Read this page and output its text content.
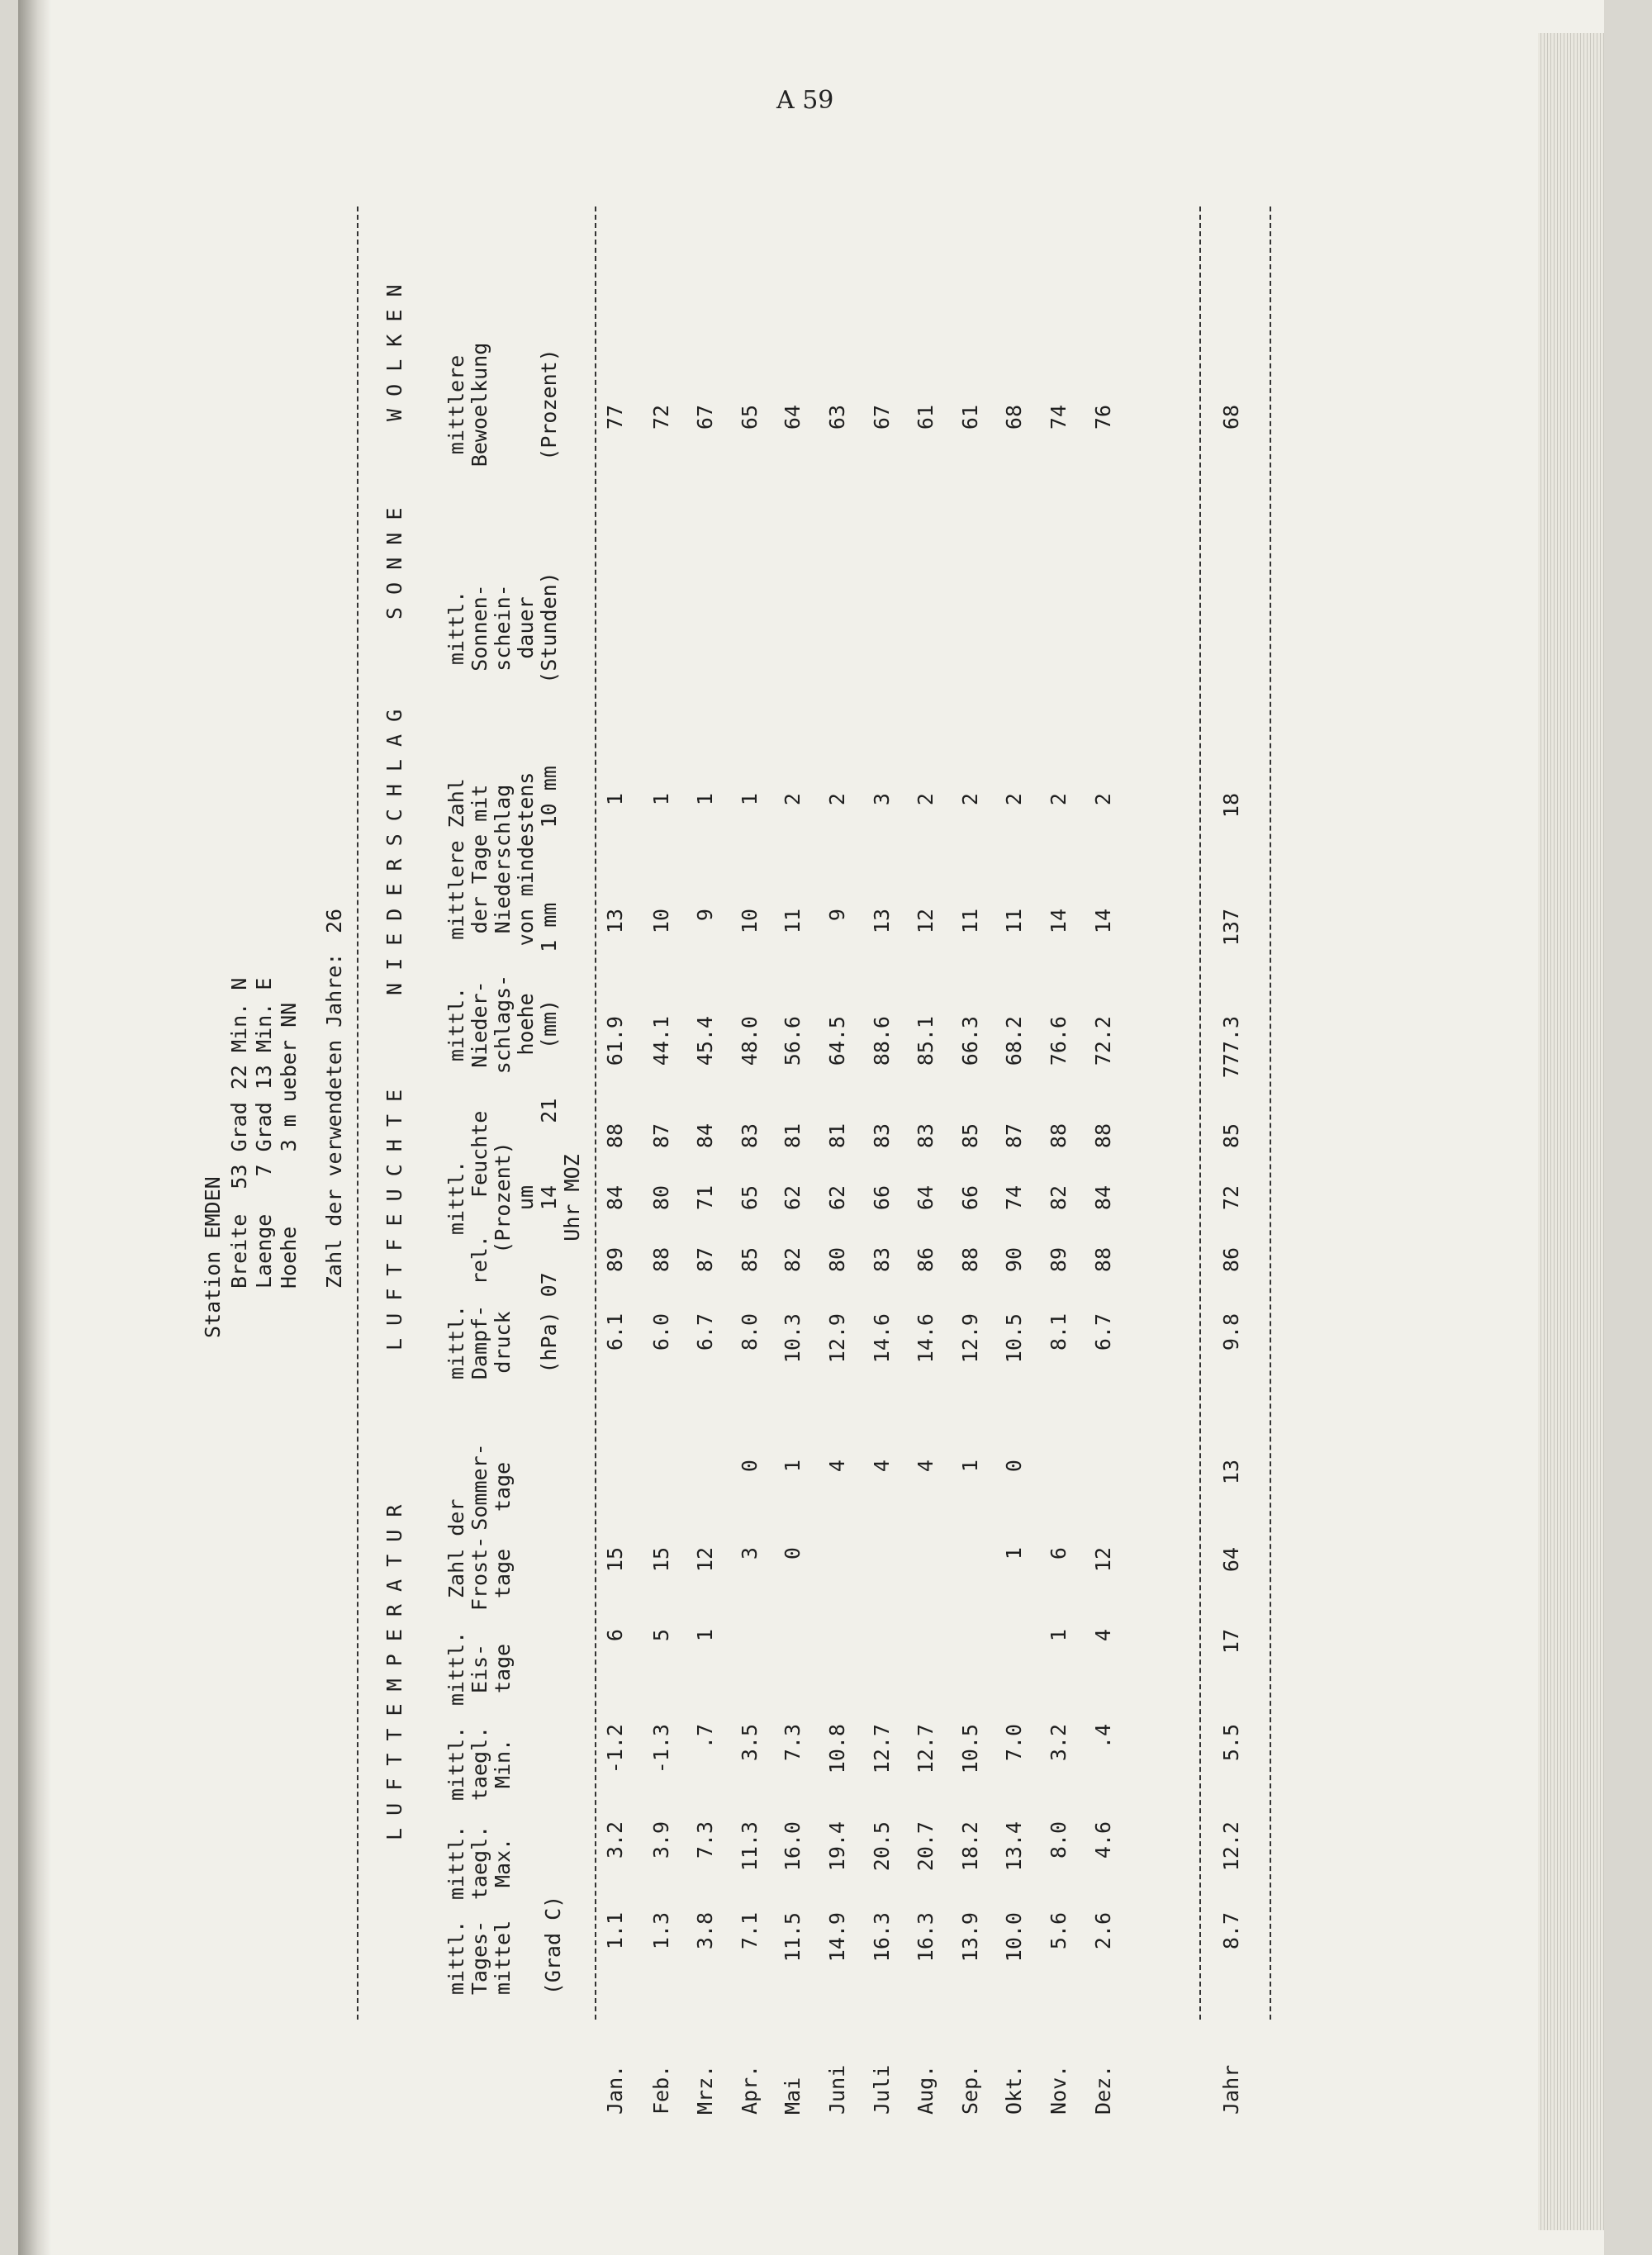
A 59
Station EMDEN Breite  53 Grad 22 Min. N Laenge   7 Grad 13 Min. E Hoehe      3 m ueber NN Zahl der verwendeten Jahre:
26
L U F T T E M P E R A T U R
L U F T F E U C H T E
N I E D E R S C H L A G
S O N N E
W O L K E N
mittl. Tages- mittel
mittl. taegl. Max.
mittl. taegl. Min.
mittl. Eis- tage
Frost- tage
Sommer- tage
mittl. Dampf- druck (hPa)
mittl. rel.   Feuchte (Prozent) um 07     14     21 Uhr MOZ
mittl. Nieder- schlags- hoehe (mm)
mittlere Zahl der Tage mit Niederschlag von mindestens 1 mm      10 mm
mittl. Sonnen- schein- dauer (Stunden)
mittlere Bewoelkung (Prozent)
Zahl der
(Grad C)
Jan.
1.1
3.2
-1.2
6
15
6.1
89
84
88
61.9
13
1
77
Feb.
1.3
3.9
-1.3
5
15
6.0
88
80
87
44.1
10
1
72
Mrz.
3.8
7.3
.7
1
12
6.7
87
71
84
45.4
9
1
67
Apr.
7.1
11.3
3.5
3
0
8.0
85
65
83
48.0
10
1
65
Mai
11.5
16.0
7.3
0
1
10.3
82
62
81
56.6
11
2
64
Juni
14.9
19.4
10.8
4
12.9
80
62
81
64.5
9
2
63
Juli
16.3
20.5
12.7
4
14.6
83
66
83
88.6
13
3
67
Aug.
16.3
20.7
12.7
4
14.6
86
64
83
85.1
12
2
61
Sep.
13.9
18.2
10.5
1
12.9
88
66
85
66.3
11
2
61
Okt.
10.0
13.4
7.0
1
0
10.5
90
74
87
68.2
11
2
68
Nov.
5.6
8.0
3.2
1
6
8.1
89
82
88
76.6
14
2
74
Dez.
2.6
4.6
.4
4
12
6.7
88
84
88
72.2
14
2
76
Jahr
8.7
12.2
5.5
17
64
13
9.8
86
72
85
777.3
137
18
68
